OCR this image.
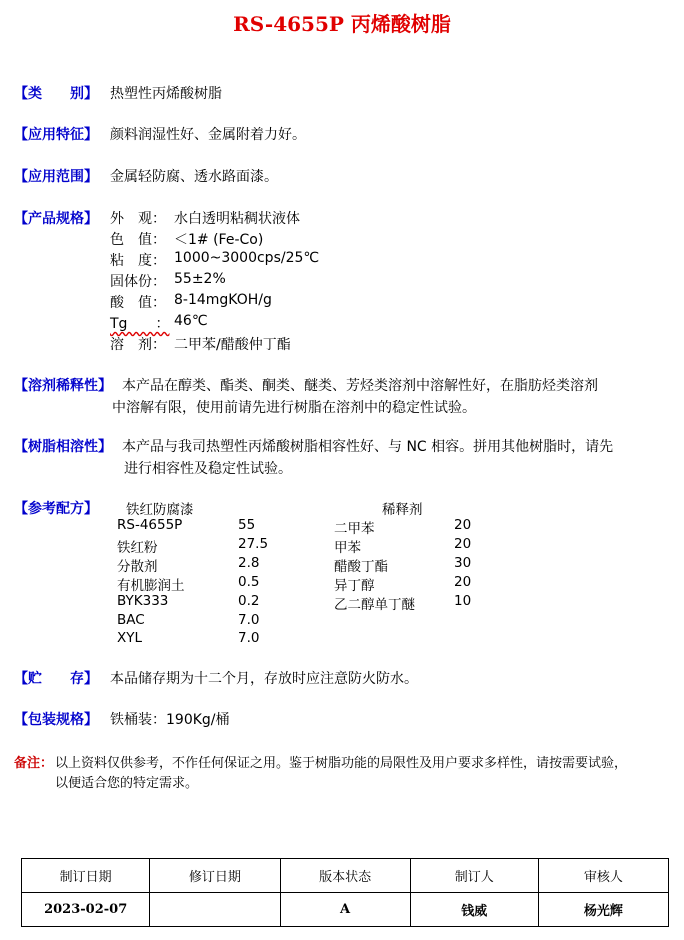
RS-4655P 丙烯酸树脂
【类　　别】 热塑性丙烯酸树脂
【应用特征】 颜料润湿性好、金属附着力好。
【应用范围】 金属轻防腐、透水路面漆。
【产品规格】 外　观： 水白透明粘稠状液体
色　值： ＜1# (Fe-Co)
粘　度： 1000~3000cps/25℃
固体份： 55±2%
酸　值： 8-14mgKOH/g
Tg　　： 46℃
溶　剂： 二甲苯/醋酸仲丁酯
【溶剂稀释性】 本产品在醇类、酯类、酮类、醚类、芳烃类溶剂中溶解性好，在脂肪烃类溶剂
中溶解有限，使用前请先进行树脂在溶剂中的稳定性试验。
【树脂相溶性】 本产品与我司热塑性丙烯酸树脂相容性好、与 NC 相容。拼用其他树脂时，请先
进行相容性及稳定性试验。
【参考配方】 铁红防腐漆	稀释剂
RS-4655P	55
铁红粉	27.5
分散剂	2.8
有机膨润土	0.5
BYK333	0.2
BAC	7.0
XYL	7.0
二甲苯	20
甲苯	20
醋酸丁酯	30
异丁醇	20
乙二醇单丁醚	10
【贮　　存】 本品储存期为十二个月，存放时应注意防火防水。
【包装规格】 铁桶装：190Kg/桶
备注： 以上资料仅供参考，不作任何保证之用。鉴于树脂功能的局限性及用户要求多样性，请按需要试验，
以便适合您的特定需求。
制订日期	修订日期	版本状态	制订人	审核人
2023-02-07		A	钱威	杨光辉
